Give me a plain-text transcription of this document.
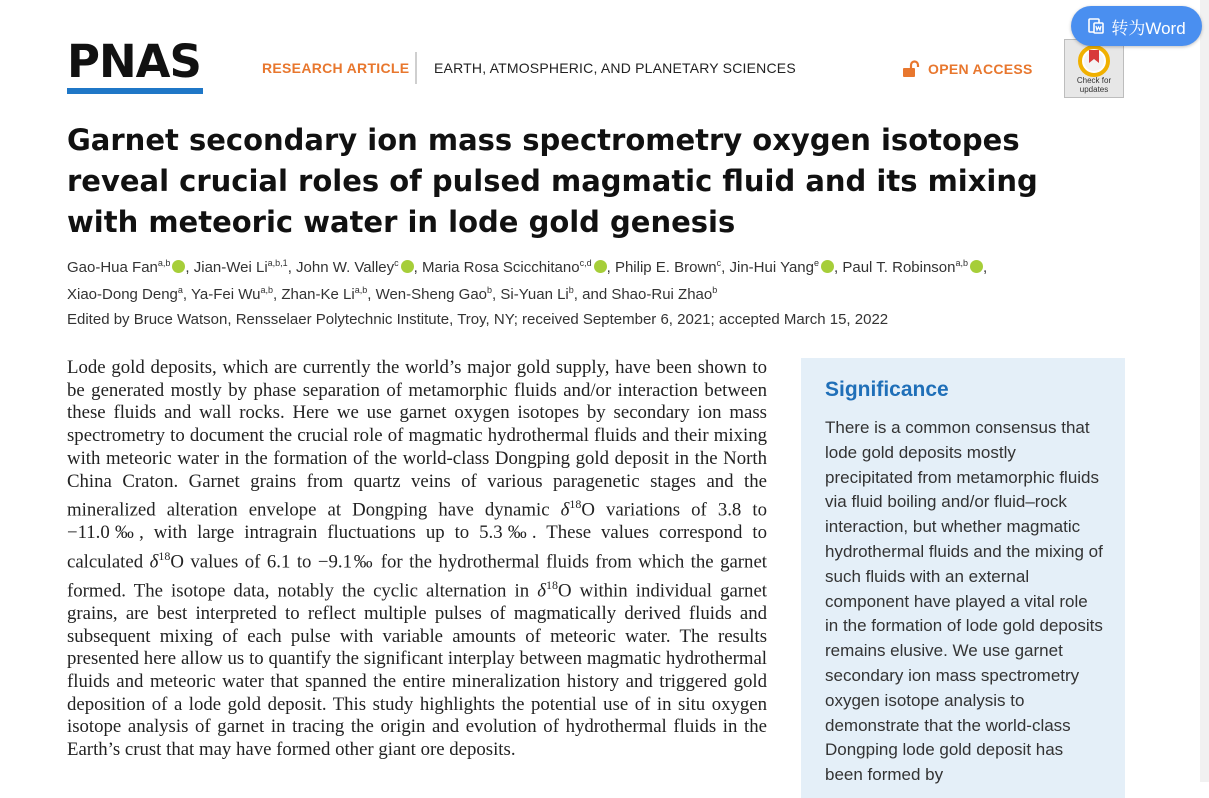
PNAS	RESEARCH ARTICLE EARTH, ATMOSPHERIC, AND PLANETARY SCIENCES	OPEN ACCESS
Check for updates
转为Word
Garnet secondary ion mass spectrometry oxygen isotopes reveal crucial roles of pulsed magmatic fluid and its mixing with meteoric water in lode gold genesis
Gao-Hua Fan$^{a,b}$ , Jian-Wei Li$^{a,b,1}$, John W. Valley$^c$ , Maria Rosa Scicchitano$^{c,d}$ , Philip E. Brown$^c$, Jin-Hui Yang$^e$ , Paul T. Robinson$^{a,b}$ ,
Xiao-Dong Deng$^a$, Ya-Fei Wu$^{a,b}$, Zhan-Ke Li$^{a,b}$, Wen-Sheng Gao$^b$, Si-Yuan Li$^b$, and Shao-Rui Zhao$^b$
Edited by Bruce Watson, Rensselaer Polytechnic Institute, Troy, NY; received September 6, 2021; accepted March 15, 2022

Lode gold deposits, which are currently the world’s major gold supply, have been shown to be generated mostly by phase separation of metamorphic fluids and/or interaction between these fluids and wall rocks. Here we use garnet oxygen isotopes by secondary ion mass spectrometry to document the crucial role of magmatic hydrothermal fluids and their mixing with meteoric water in the formation of the world-class Dongping gold deposit in the North China Craton. Garnet grains from quartz veins of various paragenetic stages and the mineralized alteration envelope at Dongping have dynamic $\delta^{18}O$ variations of 3.8 to −11.0‰, with large intragrain fluctuations up to 5.3‰. These values correspond to calculated $\delta^{18}O$ values of 6.1 to −9.1‰ for the hydrothermal fluids from which the garnet formed. The isotope data, notably the cyclic alternation in $\delta^{18}O$ within individual garnet grains, are best interpreted to reflect multiple pulses of magmatically derived fluids and subsequent mixing of each pulse with variable amounts of meteoric water. The results presented here allow us to quantify the significant interplay between magmatic hydrothermal fluids and meteoric water that spanned the entire mineralization history and triggered gold deposition of a lode gold deposit. This study highlights the potential use of in situ oxygen isotope analysis of garnet in tracing the origin and evolution of hydrothermal fluids in the Earth’s crust that may have formed other giant ore deposits.

Significance

There is a common consensus that lode gold deposits mostly precipitated from metamorphic fluids via fluid boiling and/or fluid–rock interaction, but whether magmatic hydrothermal fluids and the mixing of such fluids with an external component have played a vital role in the formation of lode gold deposits remains elusive. We use garnet secondary ion mass spectrometry oxygen isotope analysis to demonstrate that the world-class Dongping lode gold deposit has been formed by
